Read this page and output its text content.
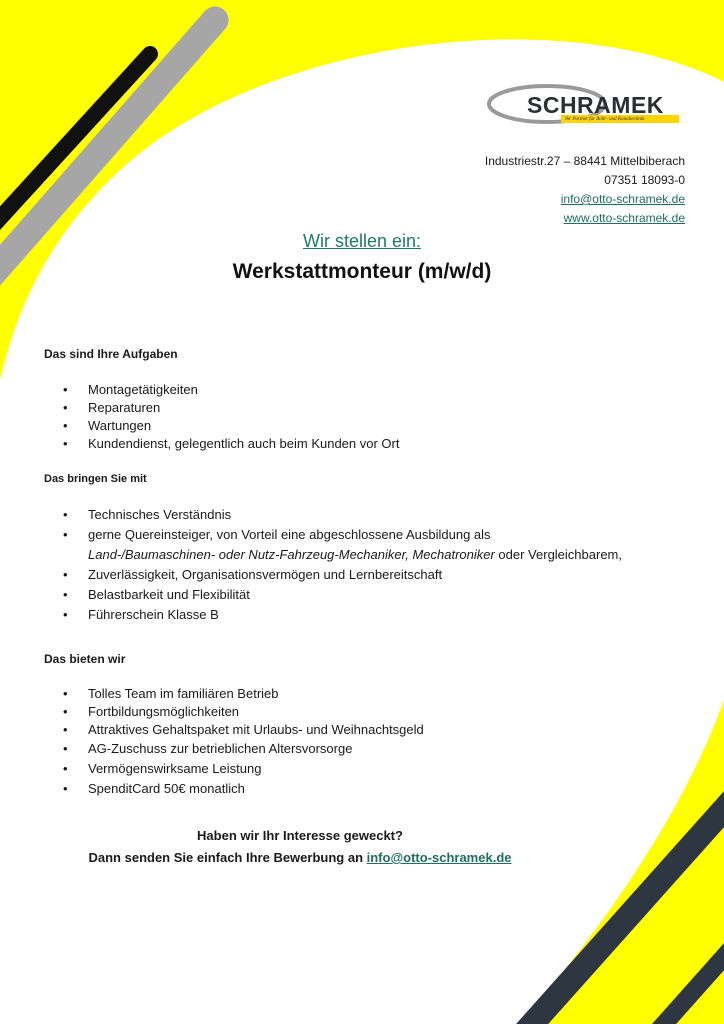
SCHRAMEK
Ihr Partner für Rohr- und Kanaltechnik
Industriestr.27 – 88441 Mittelbiberach
07351 18093-0
info@otto-schramek.de
www.otto-schramek.de
Wir stellen ein:
Werkstattmonteur (m/w/d)
Das sind Ihre Aufgaben
• Montagetätigkeiten
• Reparaturen
• Wartungen
• Kundendienst, gelegentlich auch beim Kunden vor Ort
Das bringen Sie mit
• Technisches Verständnis
• gerne Quereinsteiger, von Vorteil eine abgeschlossene Ausbildung als
Land-/Baumaschinen- oder Nutz-Fahrzeug-Mechaniker, Mechatroniker oder Vergleichbarem,
• Zuverlässigkeit, Organisationsvermögen und Lernbereitschaft
• Belastbarkeit und Flexibilität
• Führerschein Klasse B
Das bieten wir
• Tolles Team im familiären Betrieb
• Fortbildungsmöglichkeiten
• Attraktives Gehaltspaket mit Urlaubs- und Weihnachtsgeld
• AG-Zuschuss zur betrieblichen Altersvorsorge
• Vermögenswirksame Leistung
• SpenditCard 50€ monatlich
Haben wir Ihr Interesse geweckt?
Dann senden Sie einfach Ihre Bewerbung an info@otto-schramek.de
